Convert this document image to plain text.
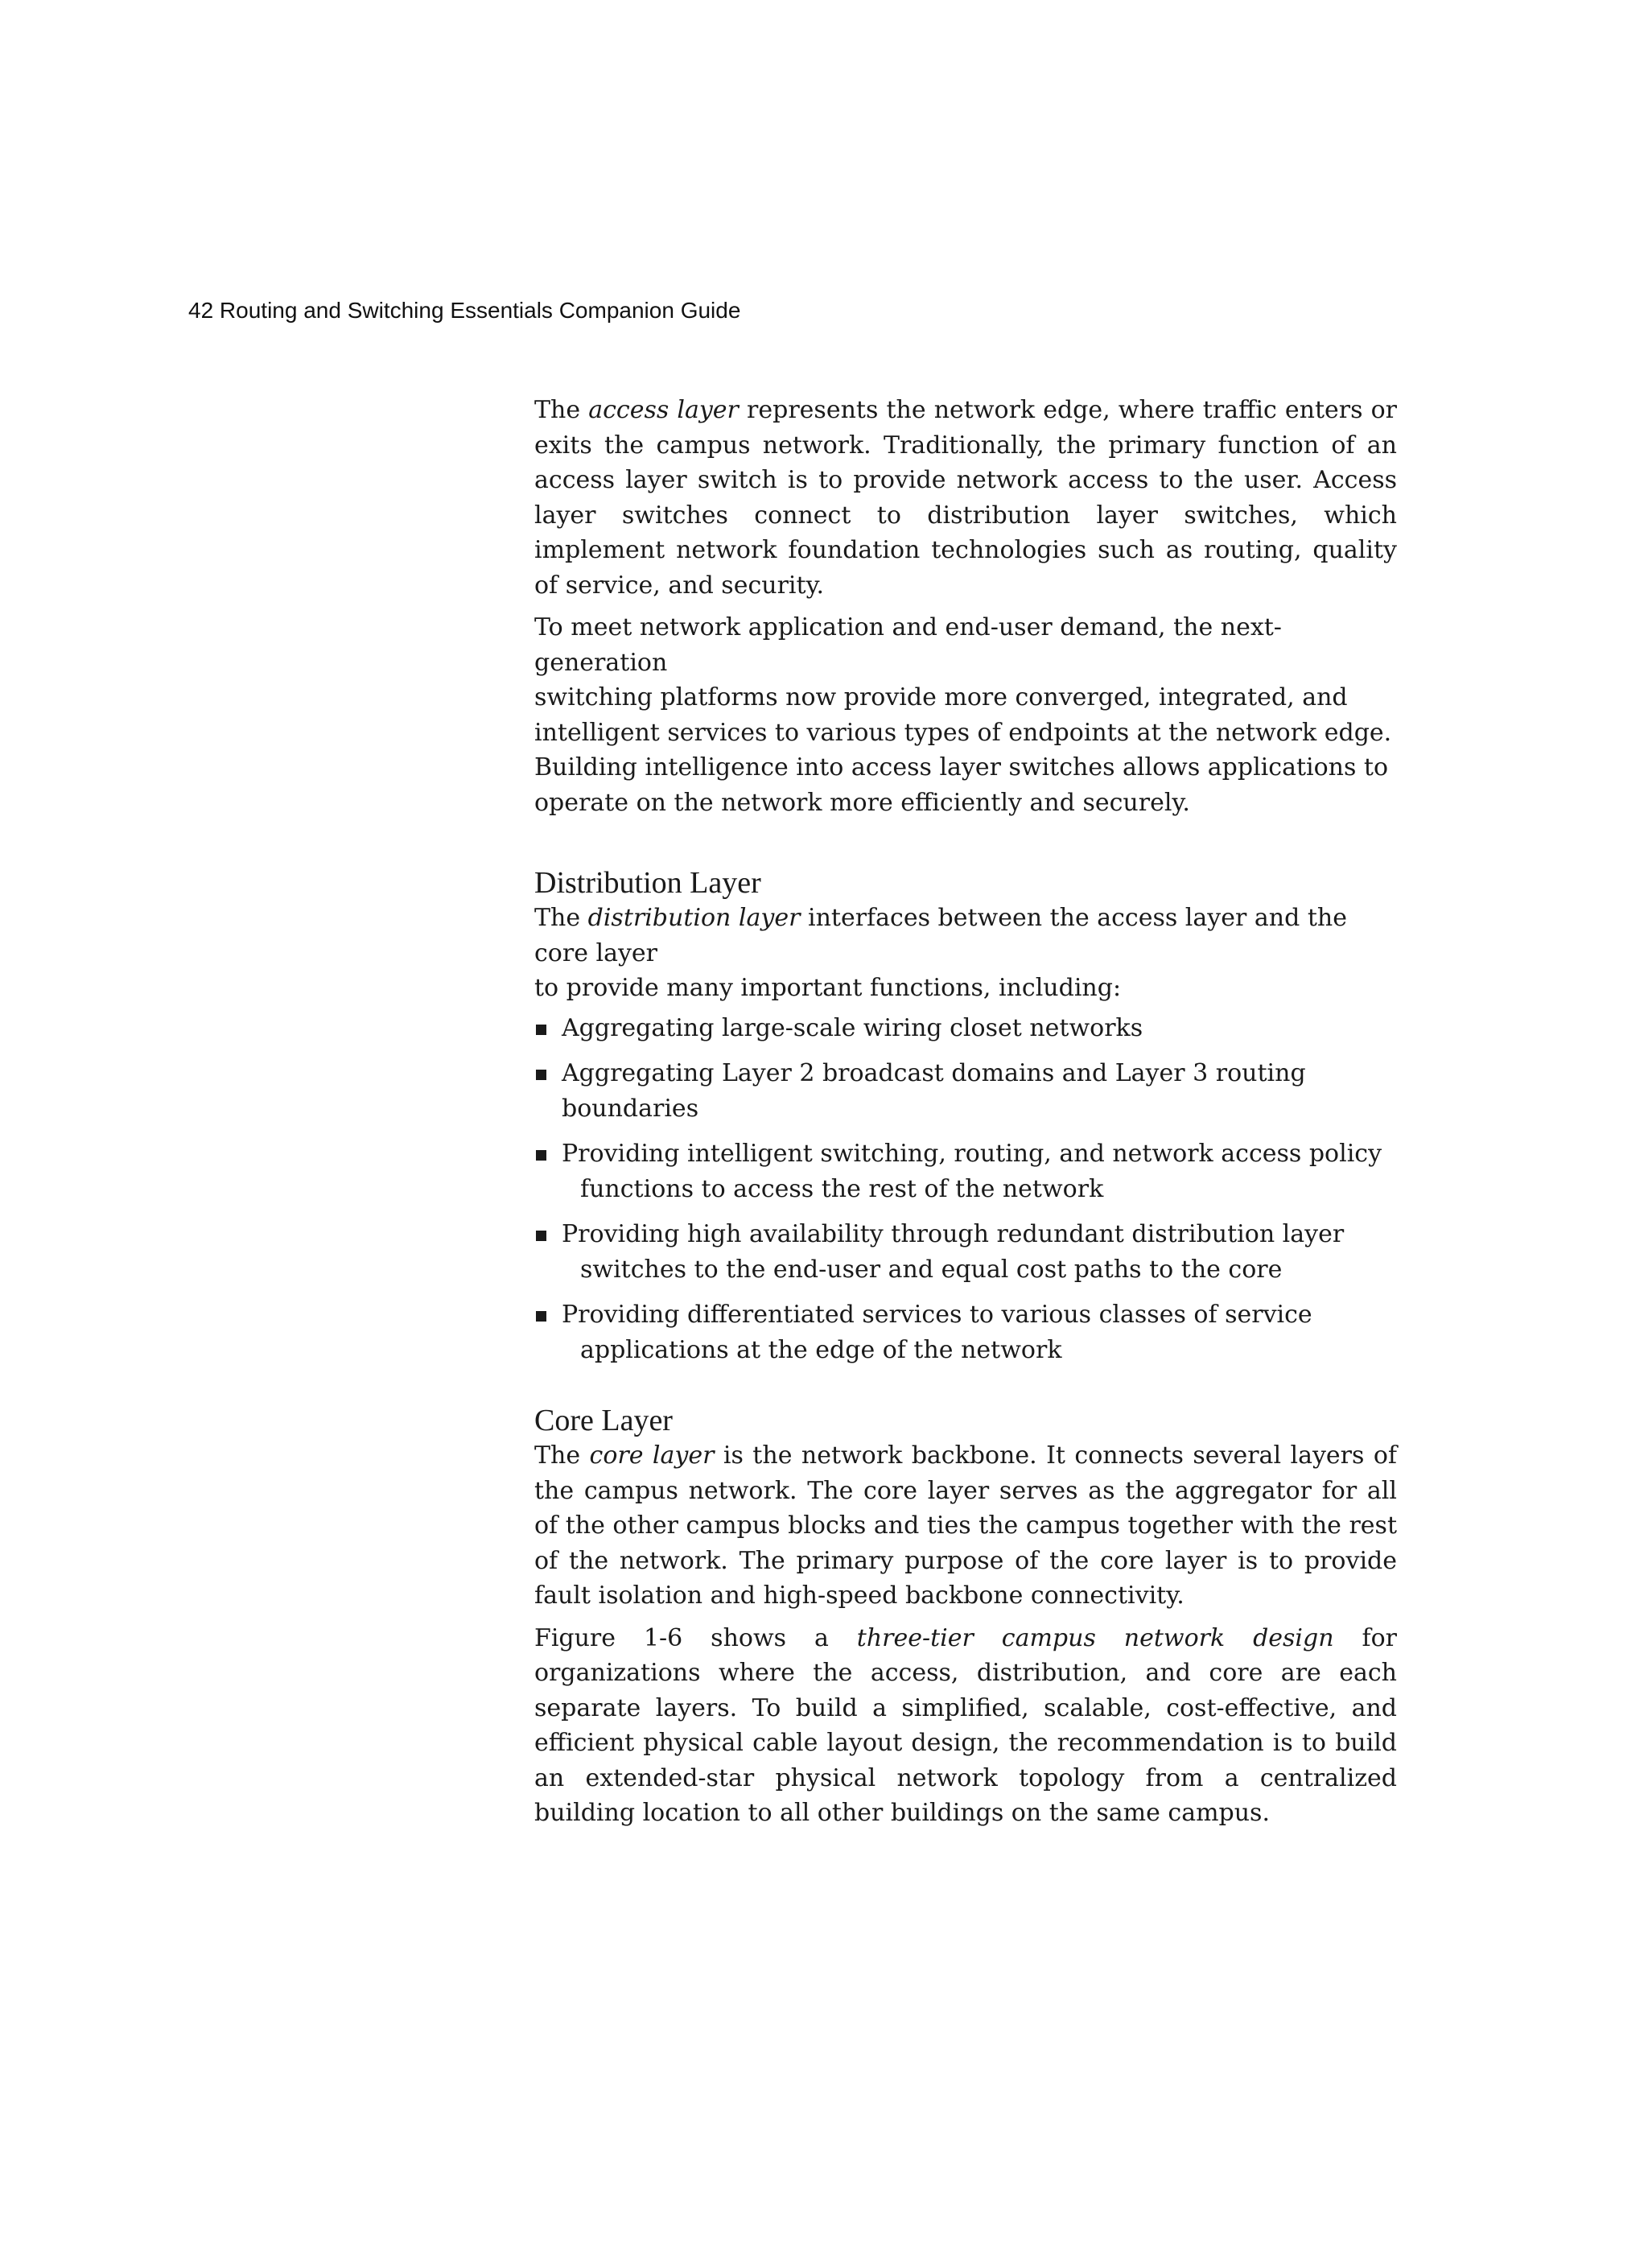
42 Routing and Switching Essentials Companion Guide

The access layer represents the network edge, where traffic enters or exits the campus network. Traditionally, the primary function of an access layer switch is to provide network access to the user. Access layer switches connect to distribution layer switches, which implement network foundation technologies such as routing, quality of service, and security.

To meet network application and end-user demand, the next-generation
switching platforms now provide more converged, integrated, and
intelligent services to various types of endpoints at the network edge.
Building intelligence into access layer switches allows applications to
operate on the network more efficiently and securely.

Distribution Layer

The distribution layer interfaces between the access layer and the core layer
to provide many important functions, including:

Aggregating large-scale wiring closet networks
Aggregating Layer 2 broadcast domains and Layer 3 routing boundaries
Providing intelligent switching, routing, and network access policy
functions to access the rest of the network
Providing high availability through redundant distribution layer
switches to the end-user and equal cost paths to the core
Providing differentiated services to various classes of service
applications at the edge of the network
Core Layer

The core layer is the network backbone. It connects several layers of the campus network. The core layer serves as the aggregator for all of the other campus blocks and ties the campus together with the rest of the network. The primary purpose of the core layer is to provide fault isolation and high-speed backbone connectivity.

Figure 1-6 shows a three-tier campus network design for organizations where the access, distribution, and core are each separate layers. To build a simplified, scalable, cost-effective, and efficient physical cable layout design, the recommendation is to build an extended-star physical network topology from a centralized building location to all other buildings on the same campus.
